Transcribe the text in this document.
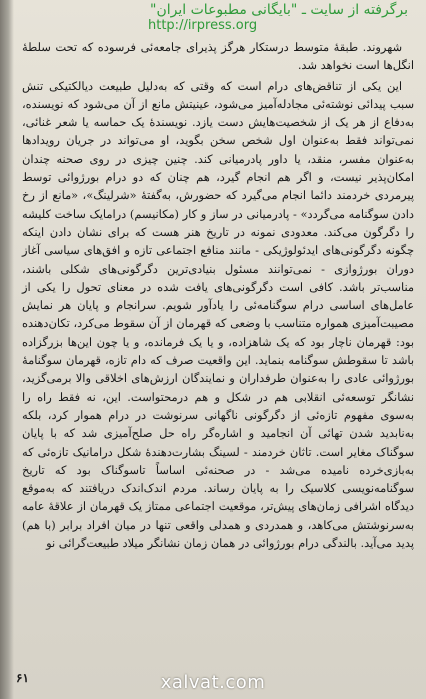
برگرفته از سایت ـ "بایگانی مطبوعات ایران"
http://irpress.org

شهروند. طبقهٔ متوسط درستکار هرگز پذیرای جامعه‌ئی فرسوده که تحت سلطهٔ انگل‌ها است نخواهد شد.

این یکی از تناقض‌های درام است که وقتی که به‌دلیل طبیعت دیالکتیکی تنش سبب پیدائی نوشته‌ئی مجادله‌آمیز می‌شود، عینیتش مانع از آن می‌شود که نویسنده، به‌دفاع از هر یک از شخصیت‌هایش دست یازد. نویسندهٔ یک حماسه یا شعر غنائی، نمی‌تواند فقط به‌عنوان اول شخص سخن بگوید، او می‌تواند در جریان رویدادها به‌عنوان مفسر، منقد، یا داور پادرمیانی کند. چنین چیزی در روی صحنه چندان امکان‌پذیر نیست، و اگر هم انجام گیرد، هم چنان که دو درام بورژوائی توسط پیرمردی خردمند دائما انجام می‌گیرد که حضورش، به‌گفتهٔ «شرلینگ»، «مانع از رخ دادن سوگنامه می‌گردد» - پادرمیانی در ساز و کار (مکانیسم) درامایک ساخت کلیشه را دگرگون می‌کند. معدودی نمونه در تاریخ هنر هست که برای نشان دادن اینکه چگونه دگرگونی‌های ایدئولوژیکی - مانند منافع اجتماعی تازه و افق‌های سیاسی آغاز دوران بورژوازی - نمی‌توانند مسئول بنیادی‌ترین دگرگونی‌های شکلی باشند، مناسب‌تر باشد. کافی است دگرگونی‌های یافت شده در معنای تحول را یکی از عامل‌های اساسی درام سوگنامه‌ئی را یادآور شویم. سرانجام و پایان هر نمایش مصیبت‌آمیزی همواره متناسب با وضعی که قهرمان از آن سقوط می‌کرد، تکان‌دهنده بود: قهرمان ناچار بود که یک شاهزاده، و یا یک فرمانده، و یا چون این‌ها بزرگزاده باشد تا سقوطش سوگنامه بنماید. این واقعیت صرف که دام تازه، قهرمان سوگنامهٔ بورژوائی عادی را به‌عنوان طرفداران و نمایندگان ارزش‌های اخلاقی والا برمی‌گزید، نشانگر توسعه‌ئی انقلابی هم در شکل و هم درمحتواست. این، نه فقط راه را به‌سوی مفهوم تازه‌ئی از دگرگونی ناگهانی سرنوشت در درام هموار کرد، بلکه به‌نابدید شدن تهائی آن انجامید و اشاره‌گر راه حل صلح‌آمیزی شد که با پایان سوگناک مغایر است. تاثان خردمند - لسینگ بشارت‌دهندهٔ شکل درامانیک تازه‌ئی که به‌بازی‌خرده نامیده می‌شد - در صحنه‌ئی اساساً تاسوگناک بود که تاریخ سوگنامه‌نویسی کلاسیک را به پایان رساند. مردم اندک‌اندک دریافتند که به‌موقع دیدگاه اشرافی زمان‌های پیش‌تر، موقعیت اجتماعی ممتاز یک قهرمان از علاقهٔ عامه به‌سرنوشتش می‌کاهد، و همدردی و همدلی واقعی تنها در میان افراد برابر (با هم) پدید می‌آید. بالندگی درام بورژوائی در همان زمان نشانگر میلاد طبیعت‌گرائی نو

۶۱	xalvat.com
